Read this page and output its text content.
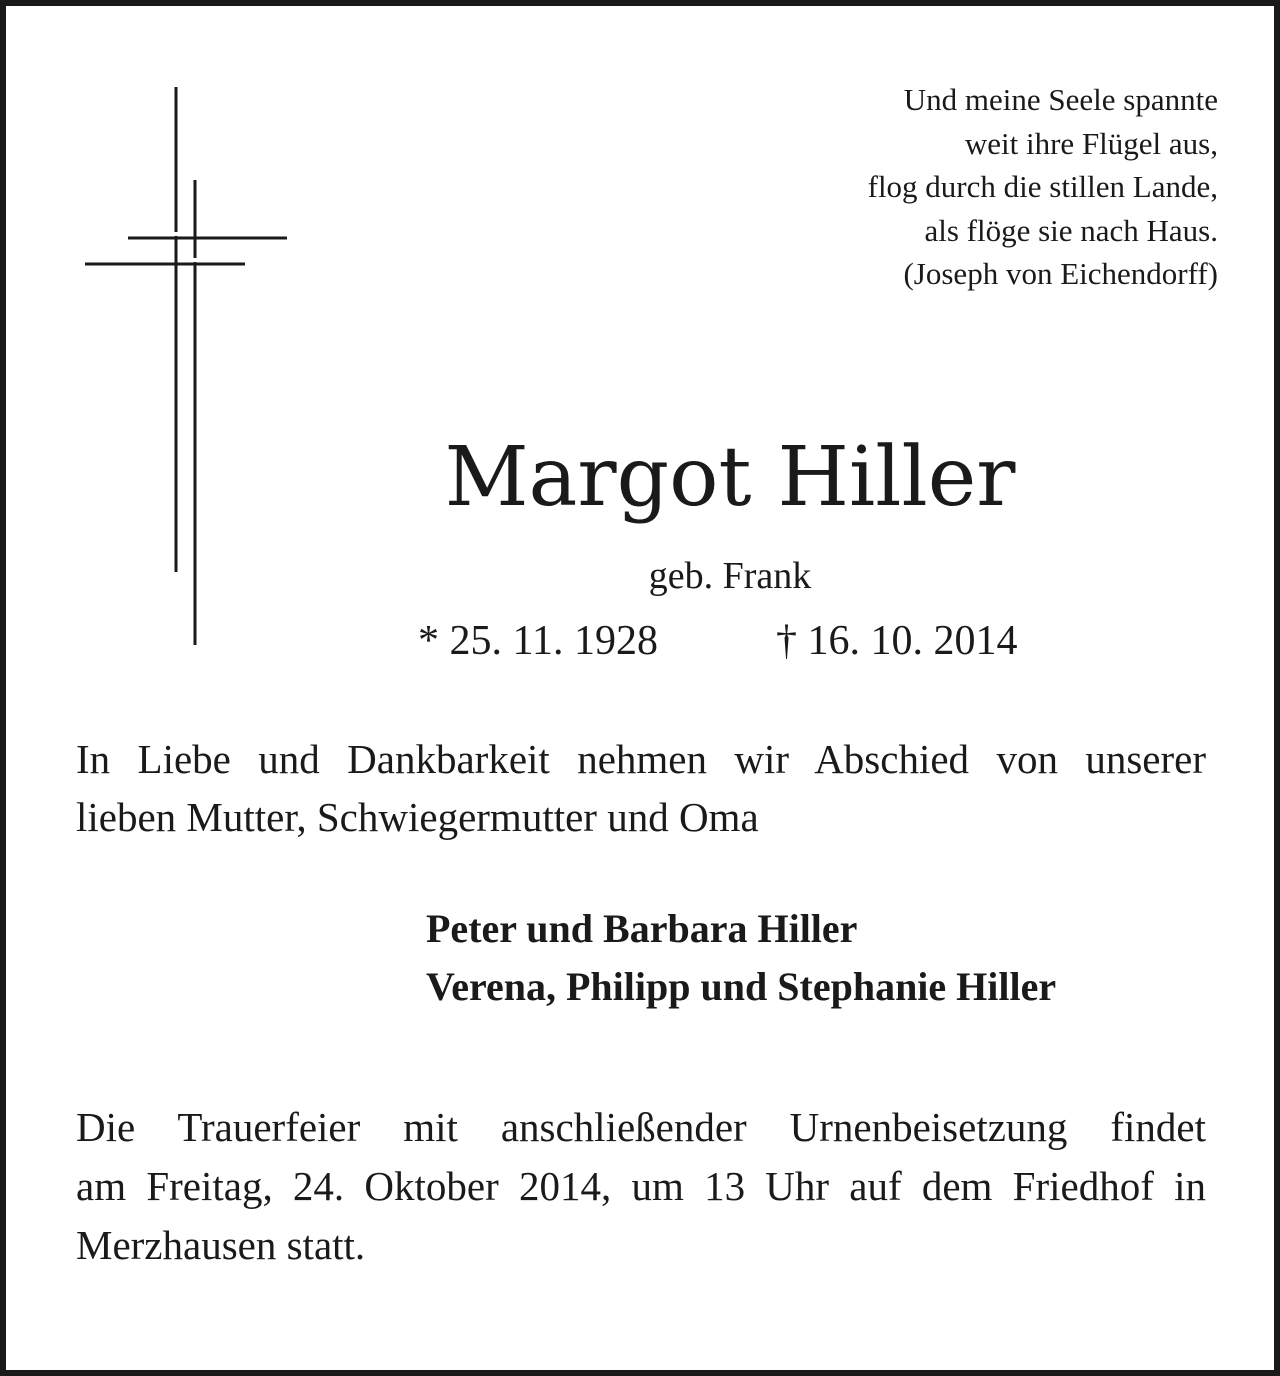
Und meine Seele spannte
weit ihre Flügel aus,
flog durch die stillen Lande,
als flöge sie nach Haus.
(Joseph von Eichendorff)
Margot Hiller
geb. Frank
* 25. 11. 1928	† 16. 10. 2014
In Liebe und Dankbarkeit nehmen wir Abschied von unserer
lieben Mutter, Schwiegermutter und Oma
Peter und Barbara Hiller
Verena, Philipp und Stephanie Hiller
Die Trauerfeier mit anschließender Urnenbeisetzung findet
am Freitag, 24. Oktober 2014, um 13 Uhr auf dem Friedhof in
Merzhausen statt.
